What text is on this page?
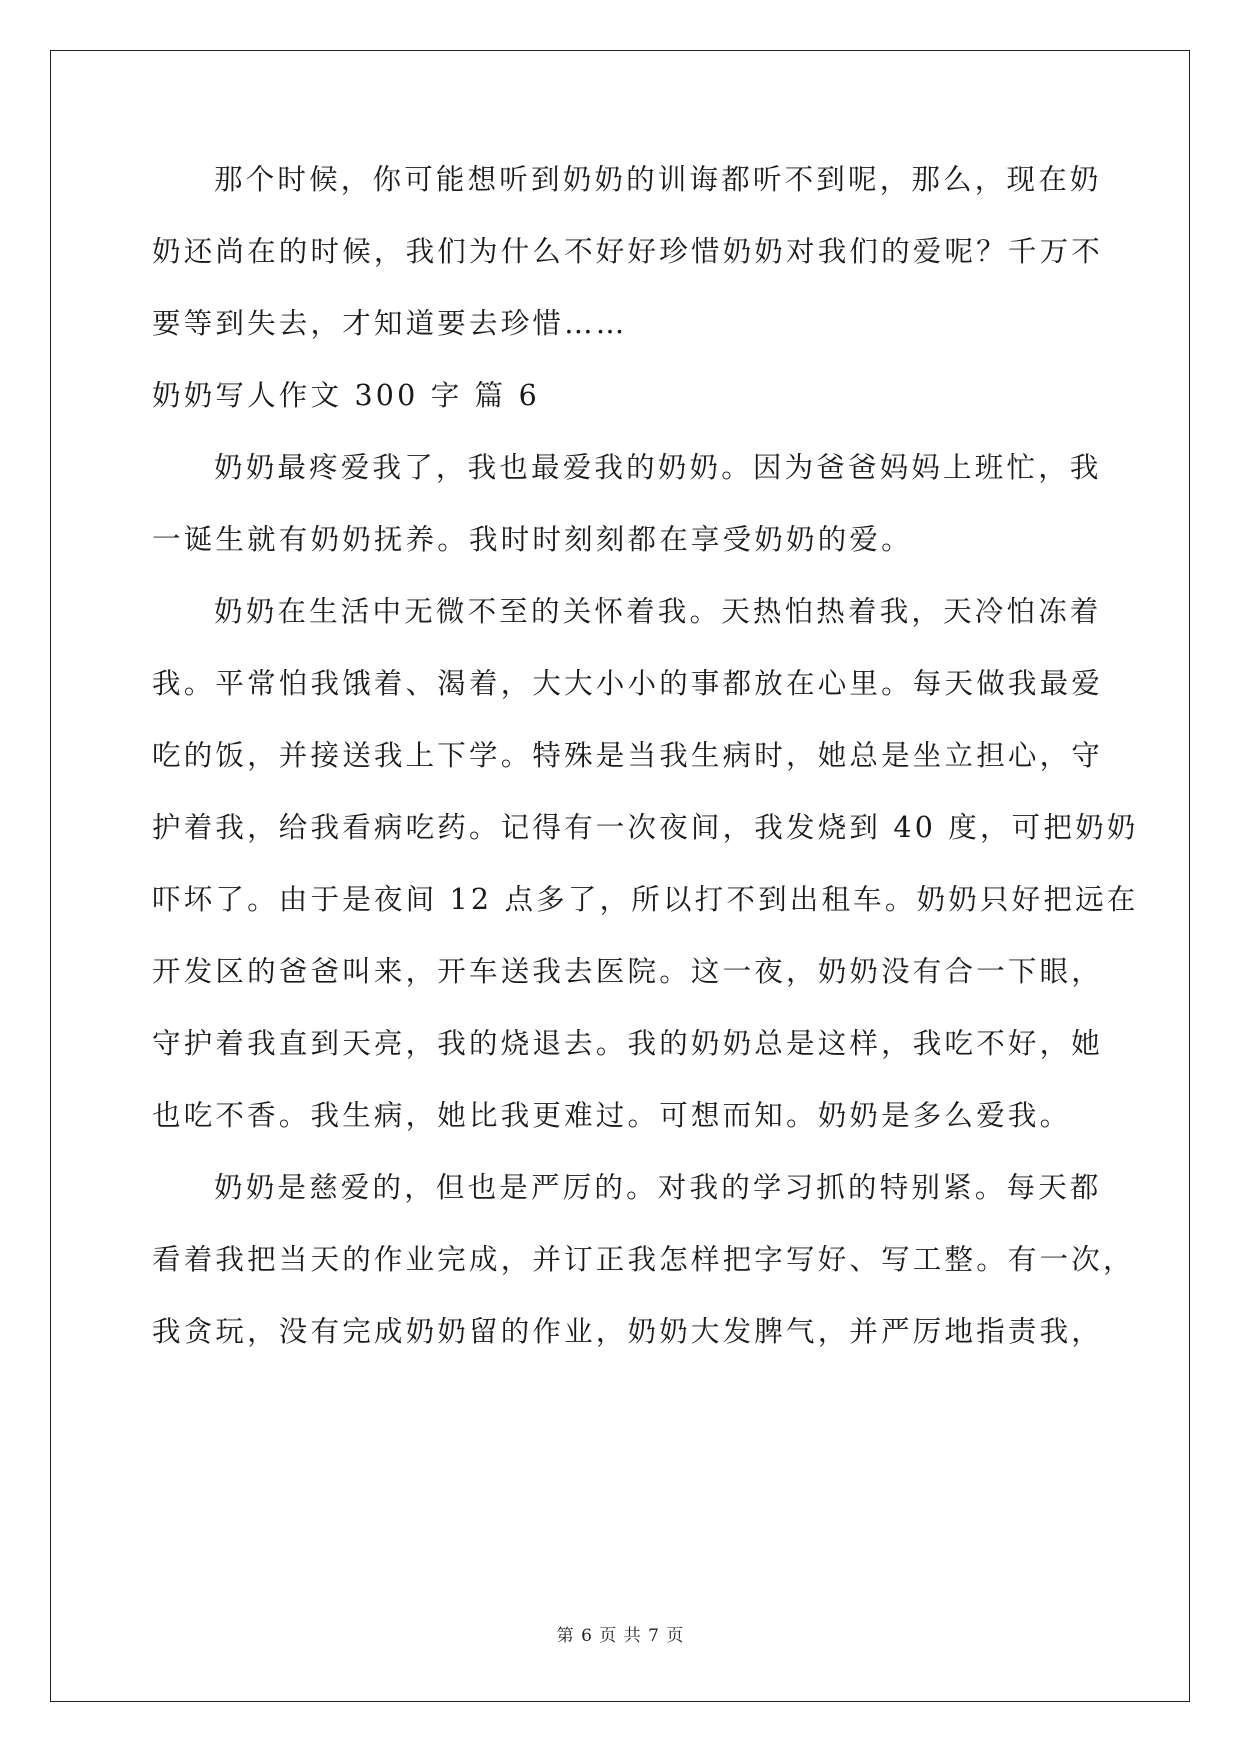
那个时候，你可能想听到奶奶的训诲都听不到呢，那么，现在奶
奶还尚在的时候，我们为什么不好好珍惜奶奶对我们的爱呢？千万不
要等到失去，才知道要去珍惜……
奶奶写人作文 300 字 篇 6
奶奶最疼爱我了，我也最爱我的奶奶。因为爸爸妈妈上班忙，我
一诞生就有奶奶抚养。我时时刻刻都在享受奶奶的爱。
奶奶在生活中无微不至的关怀着我。天热怕热着我，天冷怕冻着
我。平常怕我饿着、渴着，大大小小的事都放在心里。每天做我最爱
吃的饭，并接送我上下学。特殊是当我生病时，她总是坐立担心，守
护着我，给我看病吃药。记得有一次夜间，我发烧到 40 度，可把奶奶
吓坏了。由于是夜间 12 点多了，所以打不到出租车。奶奶只好把远在
开发区的爸爸叫来，开车送我去医院。这一夜，奶奶没有合一下眼，
守护着我直到天亮，我的烧退去。我的奶奶总是这样，我吃不好，她
也吃不香。我生病，她比我更难过。可想而知。奶奶是多么爱我。
奶奶是慈爱的，但也是严厉的。对我的学习抓的特别紧。每天都
看着我把当天的作业完成，并订正我怎样把字写好、写工整。有一次，
我贪玩，没有完成奶奶留的作业，奶奶大发脾气，并严厉地指责我，
第 6 页 共 7 页
